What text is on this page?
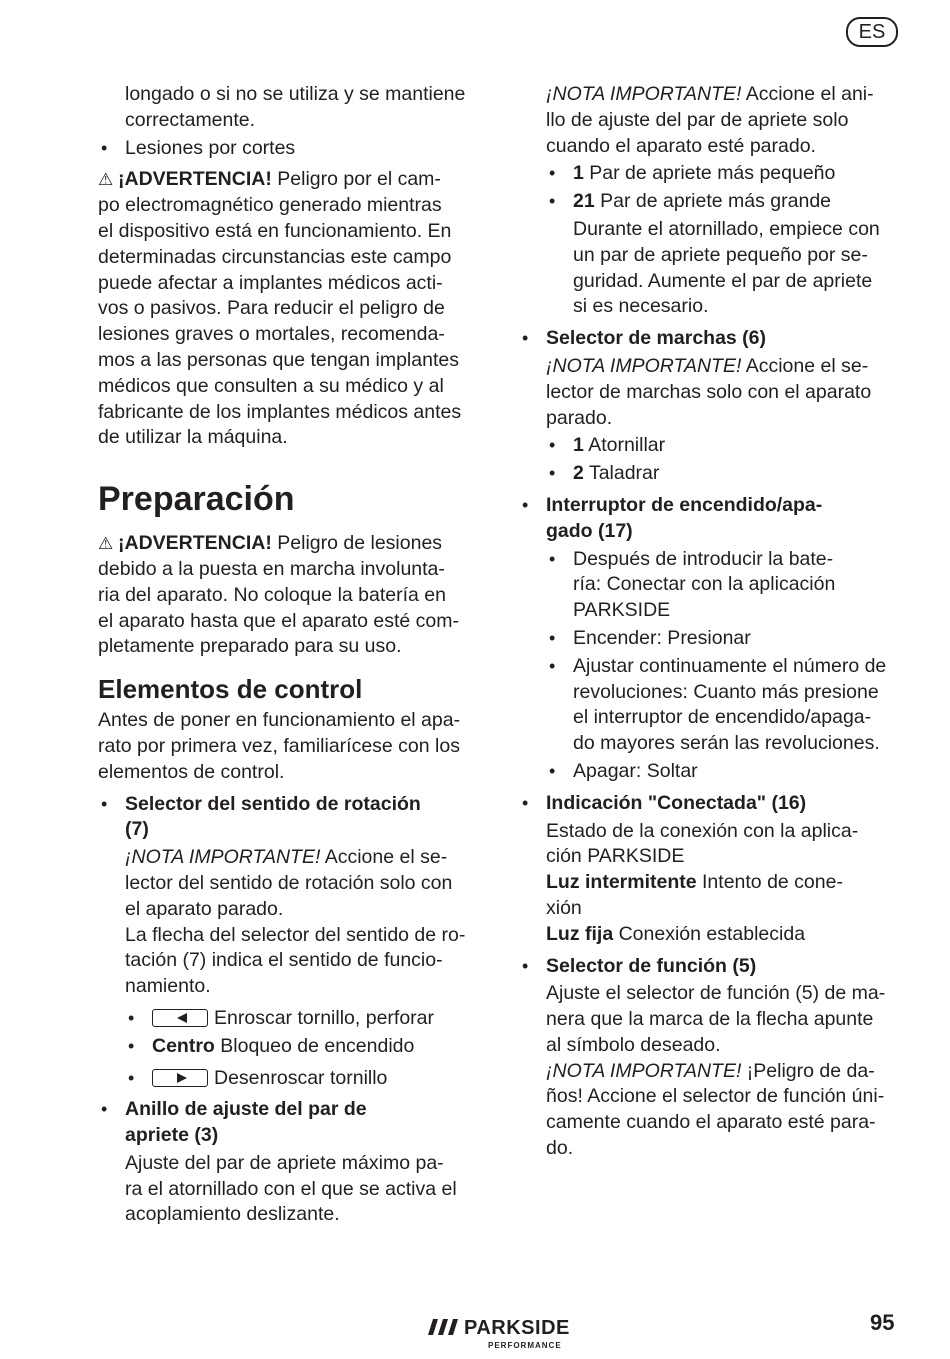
ES

longado o si no se utiliza y se mantiene

correctamente.

• Lesiones por cortes

⚠ ¡ADVERTENCIA! Peligro por el cam-

po electromagnético generado mientras

el dispositivo está en funcionamiento. En

determinadas circunstancias este campo

puede afectar a implantes médicos acti-

vos o pasivos. Para reducir el peligro de

lesiones graves o mortales, recomenda-

mos a las personas que tengan implantes

médicos que consulten a su médico y al

fabricante de los implantes médicos antes

de utilizar la máquina.

Preparación

⚠ ¡ADVERTENCIA! Peligro de lesiones

debido a la puesta en marcha involunta-

ria del aparato. No coloque la batería en

el aparato hasta que el aparato esté com-

pletamente preparado para su uso.

Elementos de control

Antes de poner en funcionamiento el apa-

rato por primera vez, familiarícese con los

elementos de control.

• Selector del sentido de rotación

(7)

¡NOTA IMPORTANTE! Accione el se-

lector del sentido de rotación solo con

el aparato parado.

La flecha del selector del sentido de ro-

tación (7) indica el sentido de funcio-

namiento.

•	Enroscar tornillo, perforar
• Centro Bloqueo de encendido
•	Desenroscar tornillo
• Anillo de ajuste del par de

apriete (3)

Ajuste del par de apriete máximo pa-

ra el atornillado con el que se activa el

acoplamiento deslizante.

¡NOTA IMPORTANTE! Accione el ani-

llo de ajuste del par de apriete solo

cuando el aparato esté parado.

• 1 Par de apriete más pequeño
• 21 Par de apriete más grande

Durante el atornillado, empiece con

un par de apriete pequeño por se-

guridad. Aumente el par de apriete

si es necesario.

• Selector de marchas (6)

¡NOTA IMPORTANTE! Accione el se-

lector de marchas solo con el aparato

parado.

• 1 Atornillar
• 2 Taladrar
• Interruptor de encendido/apa-

gado (17)

• Después de introducir la bate-

ría: Conectar con la aplicación

PARKSIDE

• Encender: Presionar

• Ajustar continuamente el número de

revoluciones: Cuanto más presione

el interruptor de encendido/apaga-

do mayores serán las revoluciones.

• Apagar: Soltar

• Indicación "Conectada" (16)

Estado de la conexión con la aplica-

ción PARKSIDE

Luz intermitente Intento de cone-

xión

Luz fija Conexión establecida

• Selector de función (5)

Ajuste el selector de función (5) de ma-

nera que la marca de la flecha apunte

al símbolo deseado.

¡NOTA IMPORTANTE! ¡Peligro de da-

ños! Accione el selector de función úni-

camente cuando el aparato esté para-

do.

PARKSIDE
PERFORMANCE
95
